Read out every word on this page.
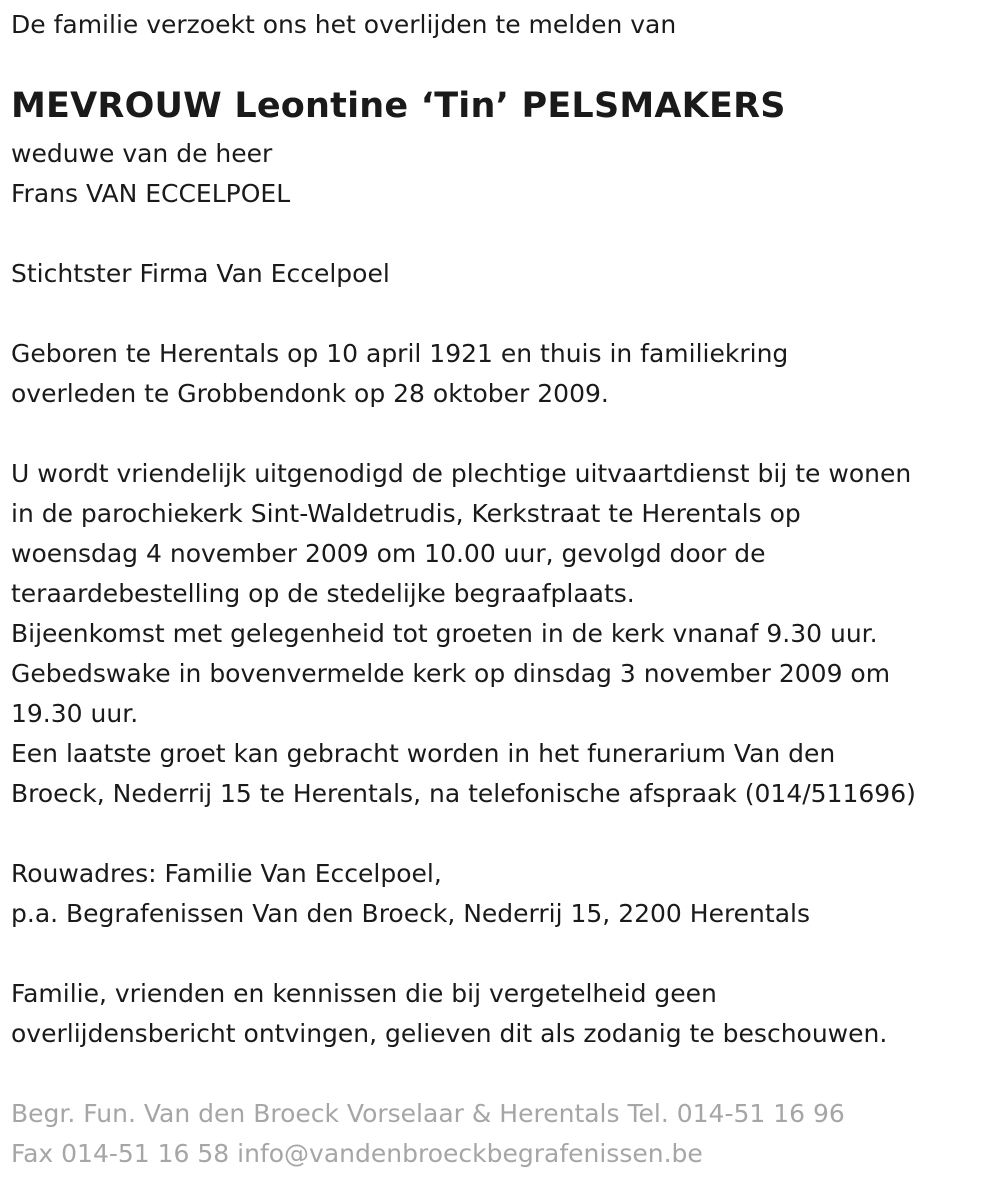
De familie verzoekt ons het overlijden te melden van
MEVROUW Leontine ‘Tin’ PELSMAKERS
weduwe van de heer
Frans VAN ECCELPOEL
Stichtster Firma Van Eccelpoel
Geboren te Herentals op 10 april 1921 en thuis in familiekring
overleden te Grobbendonk op 28 oktober 2009.
U wordt vriendelijk uitgenodigd de plechtige uitvaartdienst bij te wonen
in de parochiekerk Sint-Waldetrudis, Kerkstraat te Herentals op
woensdag 4 november 2009 om 10.00 uur, gevolgd door de
teraardebestelling op de stedelijke begraafplaats.
Bijeenkomst met gelegenheid tot groeten in de kerk vnanaf 9.30 uur.
Gebedswake in bovenvermelde kerk op dinsdag 3 november 2009 om
19.30 uur.
Een laatste groet kan gebracht worden in het funerarium Van den
Broeck, Nederrij 15 te Herentals, na telefonische afspraak (014/511696)
Rouwadres: Familie Van Eccelpoel,
p.a. Begrafenissen Van den Broeck, Nederrij 15, 2200 Herentals
Familie, vrienden en kennissen die bij vergetelheid geen
overlijdensbericht ontvingen, gelieven dit als zodanig te beschouwen.
Begr. Fun. Van den Broeck Vorselaar & Herentals Tel. 014-51 16 96
Fax 014-51 16 58 info@vandenbroeckbegrafenissen.be
